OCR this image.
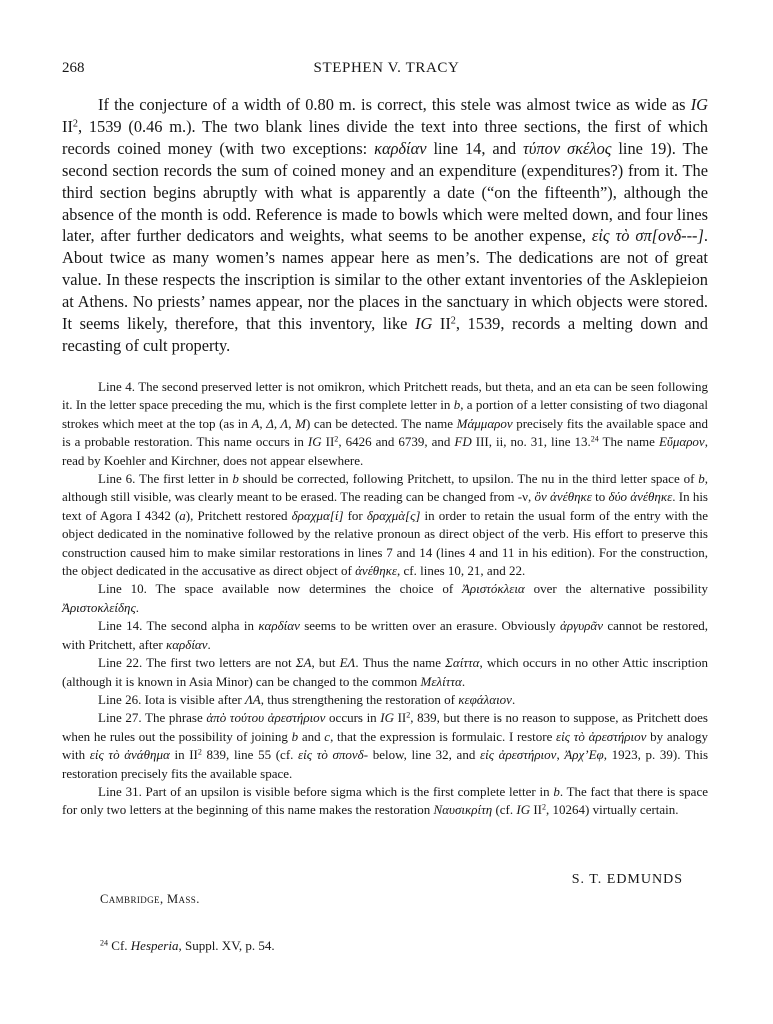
268	STEPHEN V. TRACY

If the conjecture of a width of 0.80 m. is correct, this stele was almost twice as wide as IG $II^2$, 1539 (0.46 m.). The two blank lines divide the text into three sections, the first of which records coined money (with two exceptions: καρδίαν line 14, and τύπον σκέλος line 19). The second section records the sum of coined money and an expenditure (expenditures?) from it. The third section begins abruptly with what is apparently a date (“on the fifteenth”), although the absence of the month is odd. Reference is made to bowls which were melted down, and four lines later, after further dedicators and weights, what seems to be another expense, εἰς τὸ σπ[ονδ---]. About twice as many women’s names appear here as men’s. The dedications are not of great value. In these respects the inscription is similar to the other extant inventories of the Asklepieion at Athens. No priests’ names appear, nor the places in the sanctuary in which objects were stored. It seems likely, therefore, that this inventory, like IG $II^2$, 1539, records a melting down and recasting of cult property.

Line 4. The second preserved letter is not omikron, which Pritchett reads, but theta, and an eta can be seen following it. In the letter space preceding the mu, which is the first complete letter in b, a portion of a letter consisting of two diagonal strokes which meet at the top (as in A, Δ, Λ, M) can be detected. The name Μάμμαρον precisely fits the available space and is a probable restoration. This name occurs in IG $II^2$, 6426 and 6739, and FD III, ii, no. 31, line 13.24 The name Εὔμαρον, read by Koehler and Kirchner, does not appear elsewhere.

Line 6. The first letter in b should be corrected, following Pritchett, to upsilon. The nu in the third letter space of b, although still visible, was clearly meant to be erased. The reading can be changed from -ν, ὃν ἀνέθηκε to δύο ἀνέθηκε. In his text of Agora I 4342 (a), Pritchett restored δραχμα[ί] for δραχμὰ[ς] in order to retain the usual form of the entry with the object dedicated in the nominative followed by the relative pronoun as direct object of the verb. His effort to preserve this construction caused him to make similar restorations in lines 7 and 14 (lines 4 and 11 in his edition). For the construction, the object dedicated in the accusative as direct object of ἀνέθηκε, cf. lines 10, 21, and 22.

Line 10. The space available now determines the choice of Ἀριστόκλεια over the alternative possibility Ἀριστοκλείδης.

Line 14. The second alpha in καρδίαν seems to be written over an erasure. Obviously ἀργυρᾶν cannot be restored, with Pritchett, after καρδίαν.

Line 22. The first two letters are not ΣΑ, but ΕΛ. Thus the name Σαίττα, which occurs in no other Attic inscription (although it is known in Asia Minor) can be changed to the common Μελίττα.

Line 26. Iota is visible after ΛΑ, thus strengthening the restoration of κεφάλαιον.

Line 27. The phrase ἀπὸ τούτου ἀρεστήριον occurs in IG $II^2$, 839, but there is no reason to suppose, as Pritchett does when he rules out the possibility of joining b and c, that the expression is formulaic. I restore εἰς τὸ ἀρεστήριον by analogy with εἰς τὸ ἀνάθημα in $II^2$ 839, line 55 (cf. εἰς τὸ σπονδ- below, line 32, and εἰς ἀρεστήριον, Ἀρχ’Εφ, 1923, p. 39). This restoration precisely fits the available space.

Line 31. Part of an upsilon is visible before sigma which is the first complete letter in b. The fact that there is space for only two letters at the beginning of this name makes the restoration Ναυσικρίτη (cf. IG $II^2$, 10264) virtually certain.

S. T. EDMUNDS
Cambridge, Mass.
$^{24}$ Cf. Hesperia, Suppl. XV, p. 54.
